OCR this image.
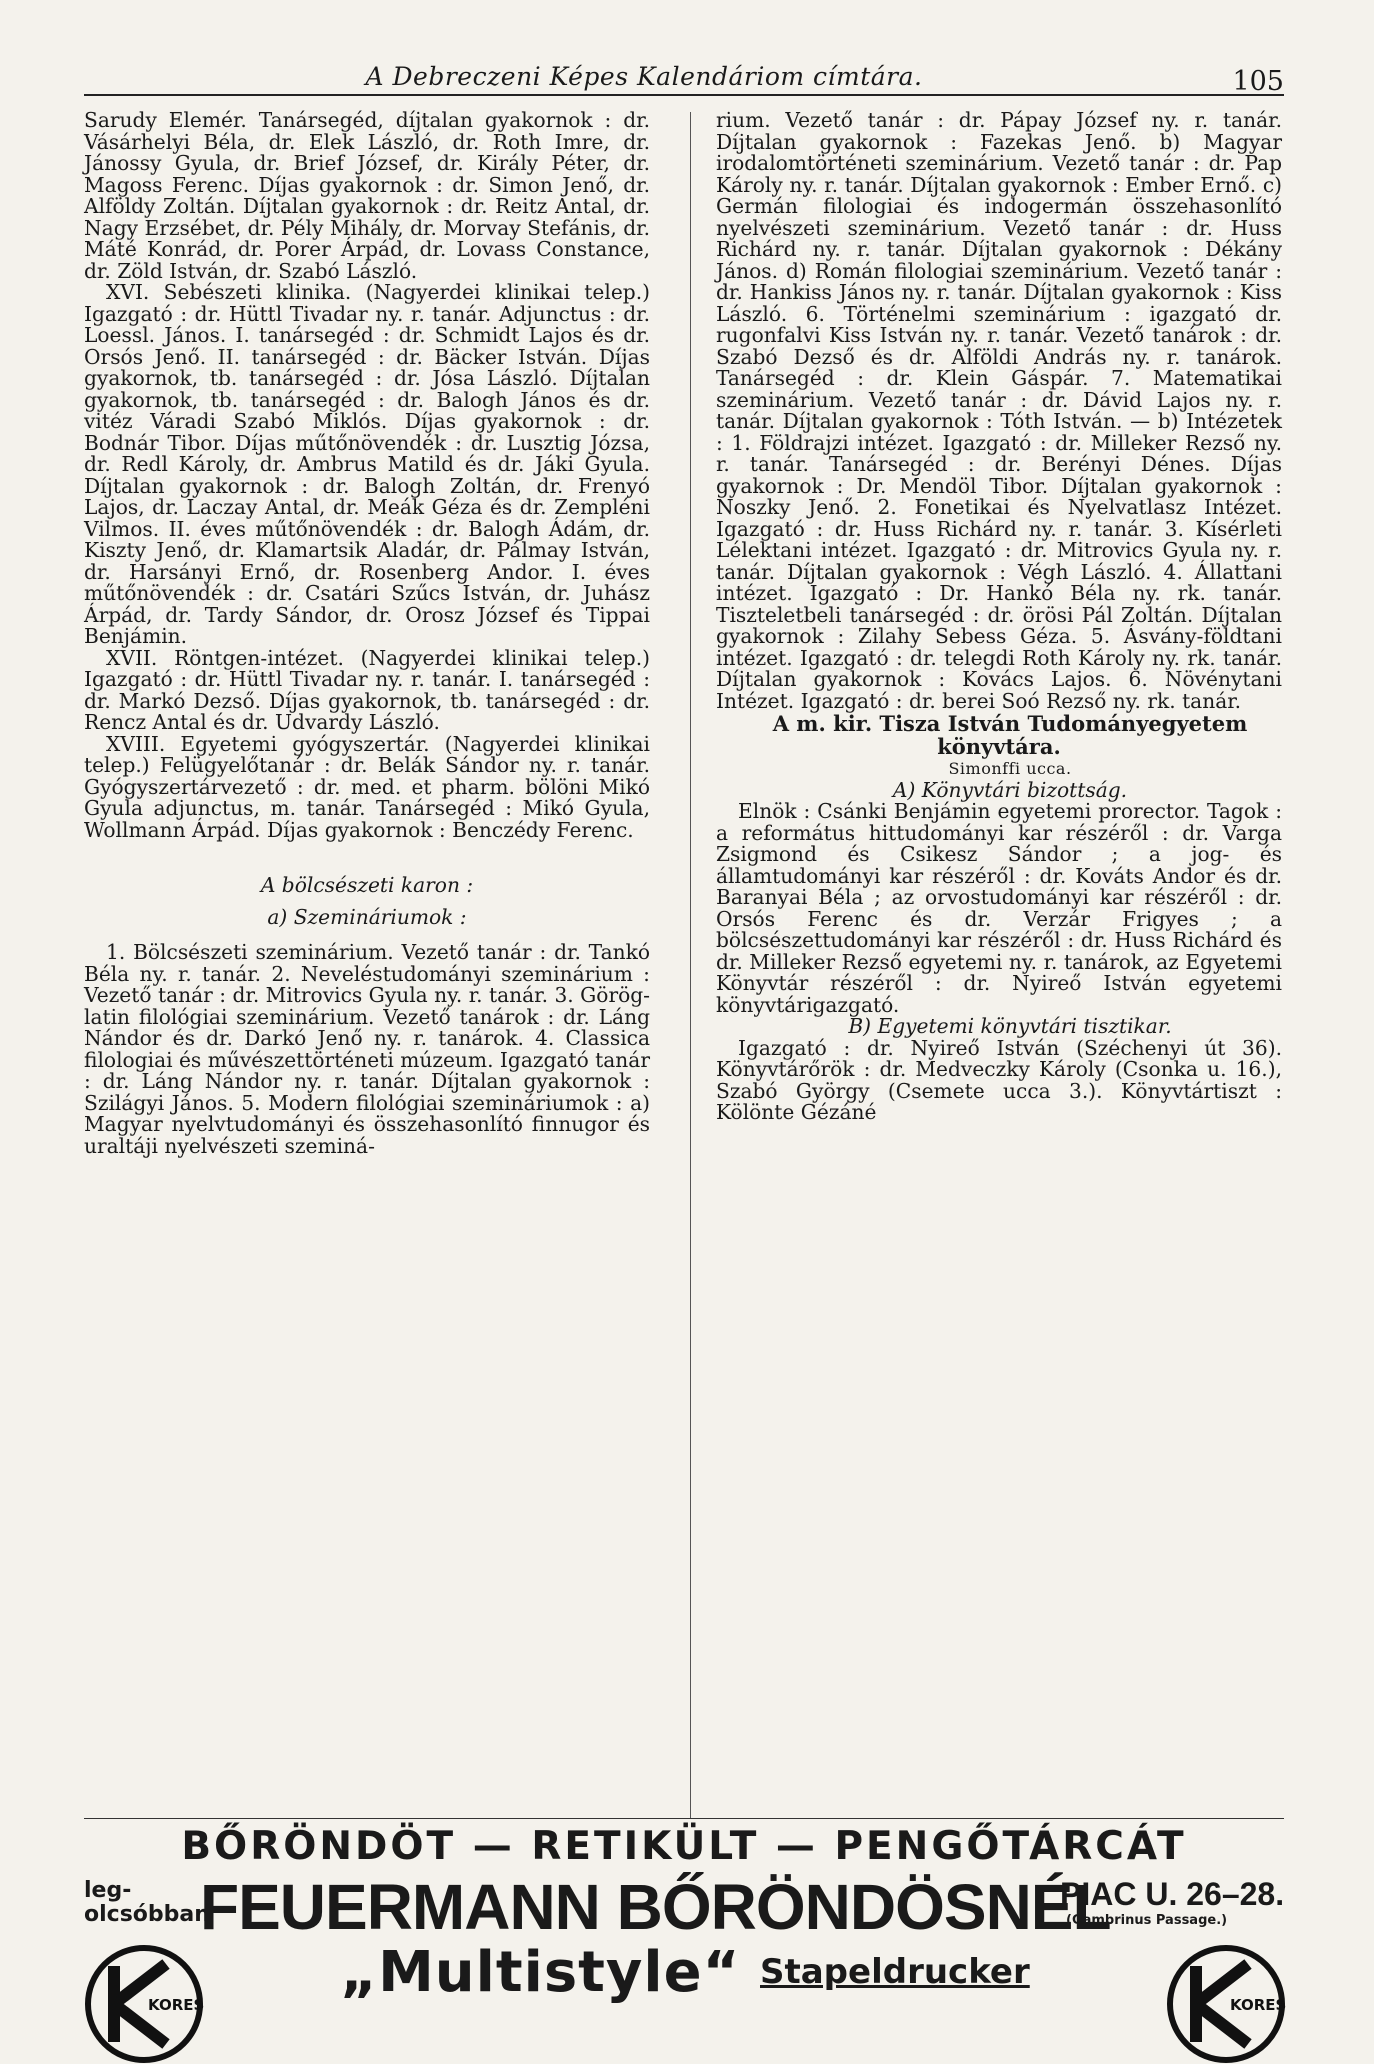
A Debreczeni Képes Kalendáriom címtára.	105

Sarudy Elemér. Tanársegéd, díjtalan gyakornok : dr. Vásárhelyi Béla, dr. Elek László, dr. Roth Imre, dr. Jánossy Gyula, dr. Brief József, dr. Király Péter, dr. Magoss Ferenc. Díjas gyakornok : dr. Simon Jenő, dr. Alföldy Zoltán. Díjtalan gyakornok : dr. Reitz Antal, dr. Nagy Erzsébet, dr. Pély Mihály, dr. Morvay Stefánis, dr. Máté Konrád, dr. Porer Árpád, dr. Lovass Constance, dr. Zöld István, dr. Szabó László.

XVI. Sebészeti klinika. (Nagyerdei klinikai telep.) Igazgató : dr. Hüttl Tivadar ny. r. tanár. Adjunctus : dr. Loessl. János. I. tanársegéd : dr. Schmidt Lajos és dr. Orsós Jenő. II. tanársegéd : dr. Bäcker István. Díjas gyakornok, tb. tanársegéd : dr. Jósa László. Díjtalan gyakornok, tb. tanársegéd : dr. Balogh János és dr. vitéz Váradi Szabó Miklós. Díjas gyakornok : dr. Bodnár Tibor. Díjas műtőnövendék : dr. Lusztig Józsa, dr. Redl Károly, dr. Ambrus Matild és dr. Jáki Gyula. Díjtalan gyakornok : dr. Balogh Zoltán, dr. Frenyó Lajos, dr. Laczay Antal, dr. Meák Géza és dr. Zempléni Vilmos. II. éves műtőnövendék : dr. Balogh Ádám, dr. Kiszty Jenő, dr. Klamartsik Aladár, dr. Pálmay István, dr. Harsányi Ernő, dr. Rosenberg Andor. I. éves műtőnövendék : dr. Csatári Szűcs István, dr. Juhász Árpád, dr. Tardy Sándor, dr. Orosz József és Tippai Benjámin.

XVII. Röntgen-intézet. (Nagyerdei klinikai telep.) Igazgató : dr. Hüttl Tivadar ny. r. tanár. I. tanársegéd : dr. Markó Dezső. Díjas gyakornok, tb. tanársegéd : dr. Rencz Antal és dr. Udvardy László.

XVIII. Egyetemi gyógyszertár. (Nagyerdei klinikai telep.) Felügyelőtanár : dr. Belák Sándor ny. r. tanár. Gyógyszertárvezető : dr. med. et pharm. bölöni Mikó Gyula adjunctus, m. tanár. Tanársegéd : Mikó Gyula, Wollmann Árpád. Díjas gyakornok : Benczédy Ferenc.

A bölcsészeti karon :

a) Szemináriumok :

1. Bölcsészeti szeminárium. Vezető tanár : dr. Tankó Béla ny. r. tanár. 2. Neveléstudományi szeminárium : Vezető tanár : dr. Mitrovics Gyula ny. r. tanár. 3. Görög-latin filológiai szeminárium. Vezető tanárok : dr. Láng Nándor és dr. Darkó Jenő ny. r. tanárok. 4. Classica filologiai és művészettörténeti múzeum. Igazgató tanár : dr. Láng Nándor ny. r. tanár. Díjtalan gyakornok : Szilágyi János. 5. Modern filológiai szemináriumok : a) Magyar nyelvtudományi és összehasonlító finnugor és uraltáji nyelvészeti szeminá-

rium. Vezető tanár : dr. Pápay József ny. r. tanár. Díjtalan gyakornok : Fazekas Jenő. b) Magyar irodalomtörténeti szeminárium. Vezető tanár : dr. Pap Károly ny. r. tanár. Díjtalan gyakornok : Ember Ernő. c) Germán filologiai és indogermán összehasonlító nyelvészeti szeminárium. Vezető tanár : dr. Huss Richárd ny. r. tanár. Díjtalan gyakornok : Dékány János. d) Román filologiai szeminárium. Vezető tanár : dr. Hankiss János ny. r. tanár. Díjtalan gyakornok : Kiss László. 6. Történelmi szeminárium : igazgató dr. rugonfalvi Kiss István ny. r. tanár. Vezető tanárok : dr. Szabó Dezső és dr. Alföldi András ny. r. tanárok. Tanársegéd : dr. Klein Gáspár. 7. Matematikai szeminárium. Vezető tanár : dr. Dávid Lajos ny. r. tanár. Díjtalan gyakornok : Tóth István. — b) Intézetek : 1. Földrajzi intézet. Igazgató : dr. Milleker Rezső ny. r. tanár. Tanársegéd : dr. Berényi Dénes. Díjas gyakornok : Dr. Mendöl Tibor. Díjtalan gyakornok : Noszky Jenő. 2. Fonetikai és Nyelvatlasz Intézet. Igazgató : dr. Huss Richárd ny. r. tanár. 3. Kísérleti Lélektani intézet. Igazgató : dr. Mitrovics Gyula ny. r. tanár. Díjtalan gyakornok : Végh László. 4. Állattani intézet. Igazgató : Dr. Hankó Béla ny. rk. tanár. Tiszteletbeli tanársegéd : dr. örösi Pál Zoltán. Díjtalan gyakornok : Zilahy Sebess Géza. 5. Ásvány-földtani intézet. Igazgató : dr. telegdi Roth Károly ny. rk. tanár. Díjtalan gyakornok : Kovács Lajos. 6. Növénytani Intézet. Igazgató : dr. berei Soó Rezső ny. rk. tanár.

A m. kir. Tisza István Tudományegyetem könyvtára.

Simonffi ucca.

A) Könyvtári bizottság.

Elnök : Csánki Benjámin egyetemi prorector. Tagok : a református hittudományi kar részéről : dr. Varga Zsigmond és Csikesz Sándor ; a jog- és államtudományi kar részéről : dr. Kováts Andor és dr. Baranyai Béla ; az orvostudományi kar részéről : dr. Orsós Ferenc és dr. Verzár Frigyes ; a bölcsészettudományi kar részéről : dr. Huss Richárd és dr. Milleker Rezső egyetemi ny. r. tanárok, az Egyetemi Könyvtár részéről : dr. Nyireő István egyetemi könyvtárigazgató.

B) Egyetemi könyvtári tisztikar.

Igazgató : dr. Nyireő István (Széchenyi út 36). Könyvtárőrök : dr. Medveczky Károly (Csonka u. 16.), Szabó György (Csemete ucca 3.). Könyvtártiszt : Kölönte Gézáné

BŐRÖNDÖT — RETIKÜLT — PENGŐTÁRCÁT
leg-
olcsóbban
FEUERMANN BŐRÖNDÖSNÉL
PIAC U. 26–28.
(Gambrinus Passage.)
KORES	„Multistyle“ Stapeldrucker
KORES
